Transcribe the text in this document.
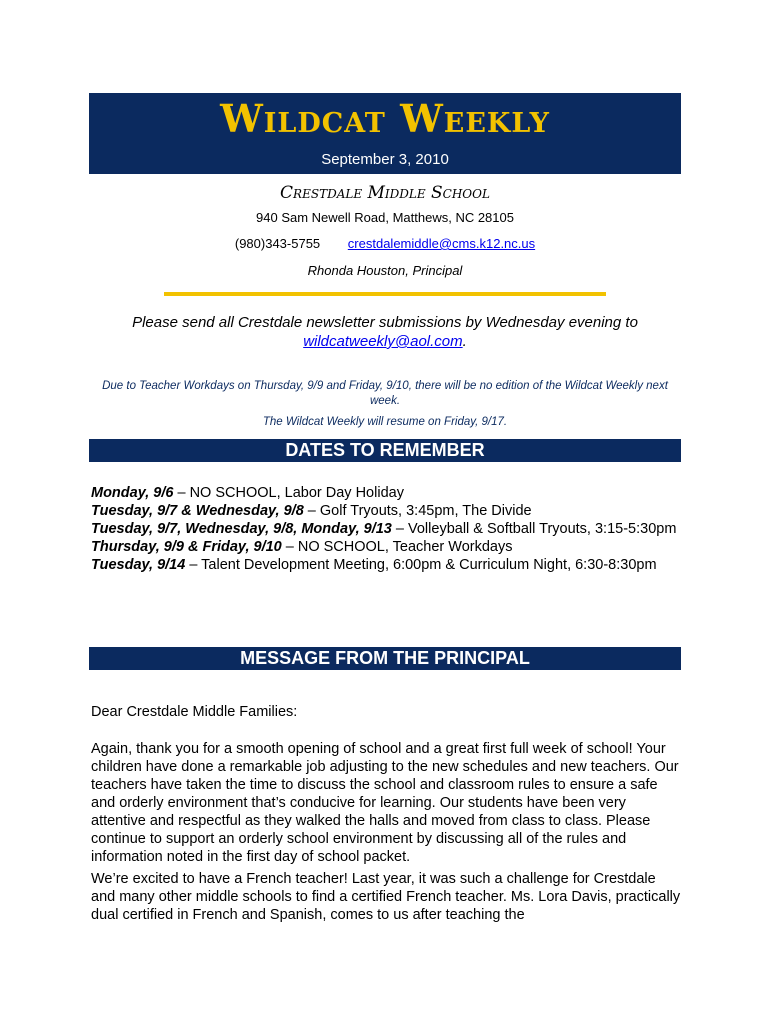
Wildcat Weekly
September 3, 2010
Crestdale Middle School
940 Sam Newell Road, Matthews, NC 28105
(980)343-5755 crestdalemiddle@cms.k12.nc.us
Rhonda Houston, Principal
Please send all Crestdale newsletter submissions by Wednesday evening to
wildcatweekly@aol.com.
Due to Teacher Workdays on Thursday, 9/9 and Friday, 9/10, there will be no edition of the Wildcat Weekly next week.
The Wildcat Weekly will resume on Friday, 9/17.
DATES TO REMEMBER
Monday, 9/6 – NO SCHOOL, Labor Day Holiday
Tuesday, 9/7 & Wednesday, 9/8 – Golf Tryouts, 3:45pm, The Divide
Tuesday, 9/7, Wednesday, 9/8, Monday, 9/13 – Volleyball & Softball Tryouts, 3:15-5:30pm
Thursday, 9/9 & Friday, 9/10 – NO SCHOOL, Teacher Workdays
Tuesday, 9/14 – Talent Development Meeting, 6:00pm & Curriculum Night, 6:30-8:30pm
MESSAGE FROM THE PRINCIPAL
Dear Crestdale Middle Families:
Again, thank you for a smooth opening of school and a great first full week of school! Your children have done a remarkable job adjusting to the new schedules and new teachers. Our teachers have taken the time to discuss the school and classroom rules to ensure a safe and orderly environment that’s conducive for learning. Our students have been very attentive and respectful as they walked the halls and moved from class to class. Please continue to support an orderly school environment by discussing all of the rules and information noted in the first day of school packet.
We’re excited to have a French teacher! Last year, it was such a challenge for Crestdale and many other middle schools to find a certified French teacher. Ms. Lora Davis, practically dual certified in French and Spanish, comes to us after teaching the
